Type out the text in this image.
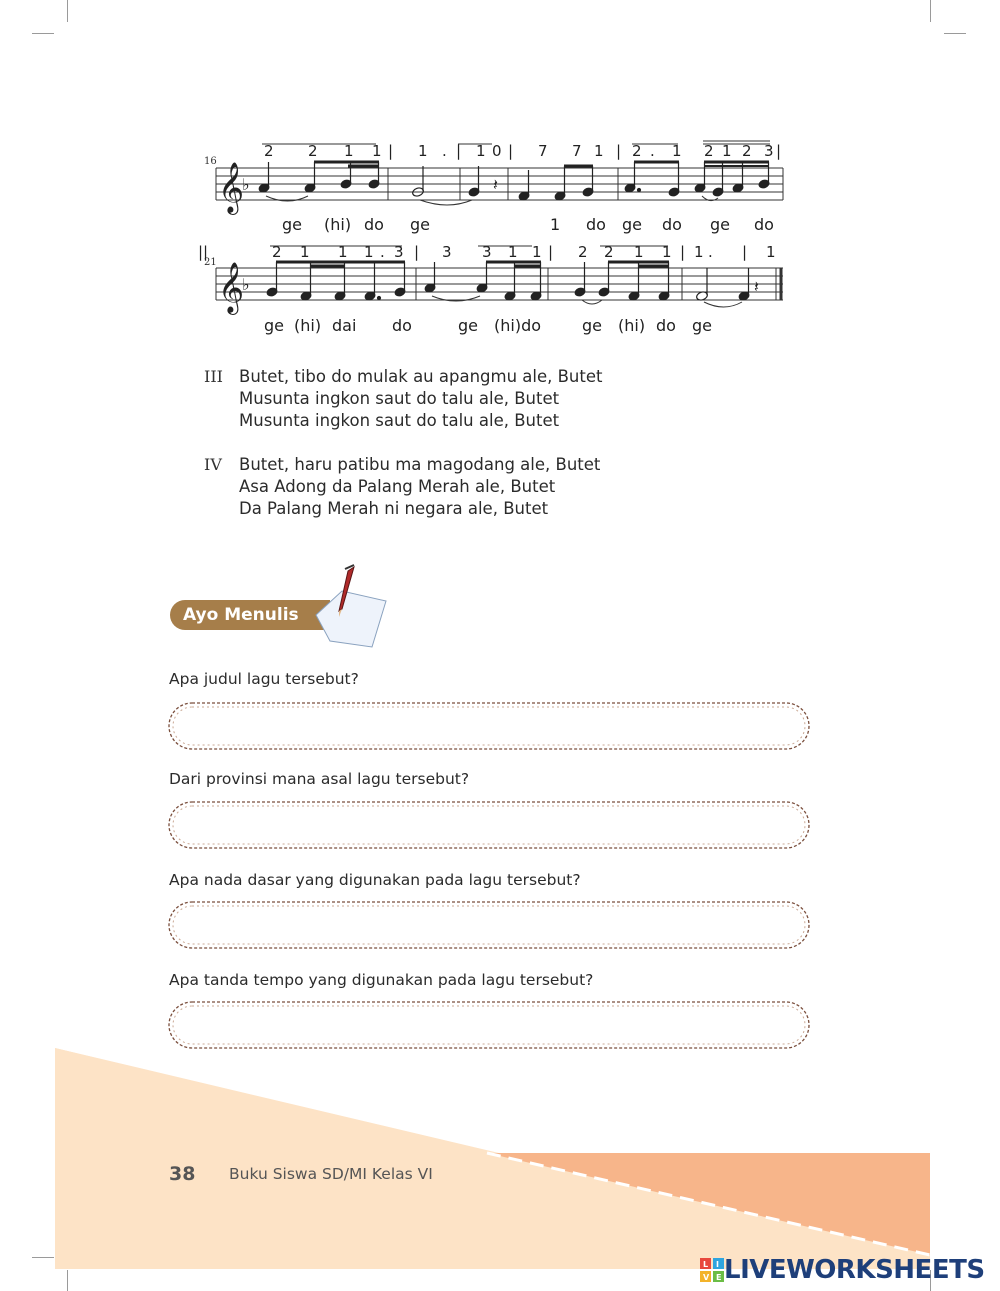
16
2 2 1 1 | 1 . | 1 0 | 7 7 1 | 2 . 1 2 1 2 3 |
𝄞
♭	𝄽
ge (hi) do ge	1 do ge do ge do
21
2 1 1 1 . 3 | 3 3 1 1 | 2 2 1 1 | 1 . | 1
||
𝄞
♭	𝄽
ge (hi) dai do	ge (hi)do	ge (hi) do ge
III Butet, tibo do mulak au apangmu ale, Butet
Musunta ingkon saut do talu ale, Butet
Musunta ingkon saut do talu ale, Butet
IV Butet, haru patibu ma magodang ale, Butet
Asa Adong da Palang Merah ale, Butet
Da Palang Merah ni negara ale, Butet
Ayo Menulis
Apa judul lagu tersebut?
Dari provinsi mana asal lagu tersebut?
Apa nada dasar yang digunakan pada lagu tersebut?
Apa tanda tempo yang digunakan pada lagu tersebut?
38 Buku Siswa SD/MI Kelas VI
L I V E LIVEWORKSHEETS
